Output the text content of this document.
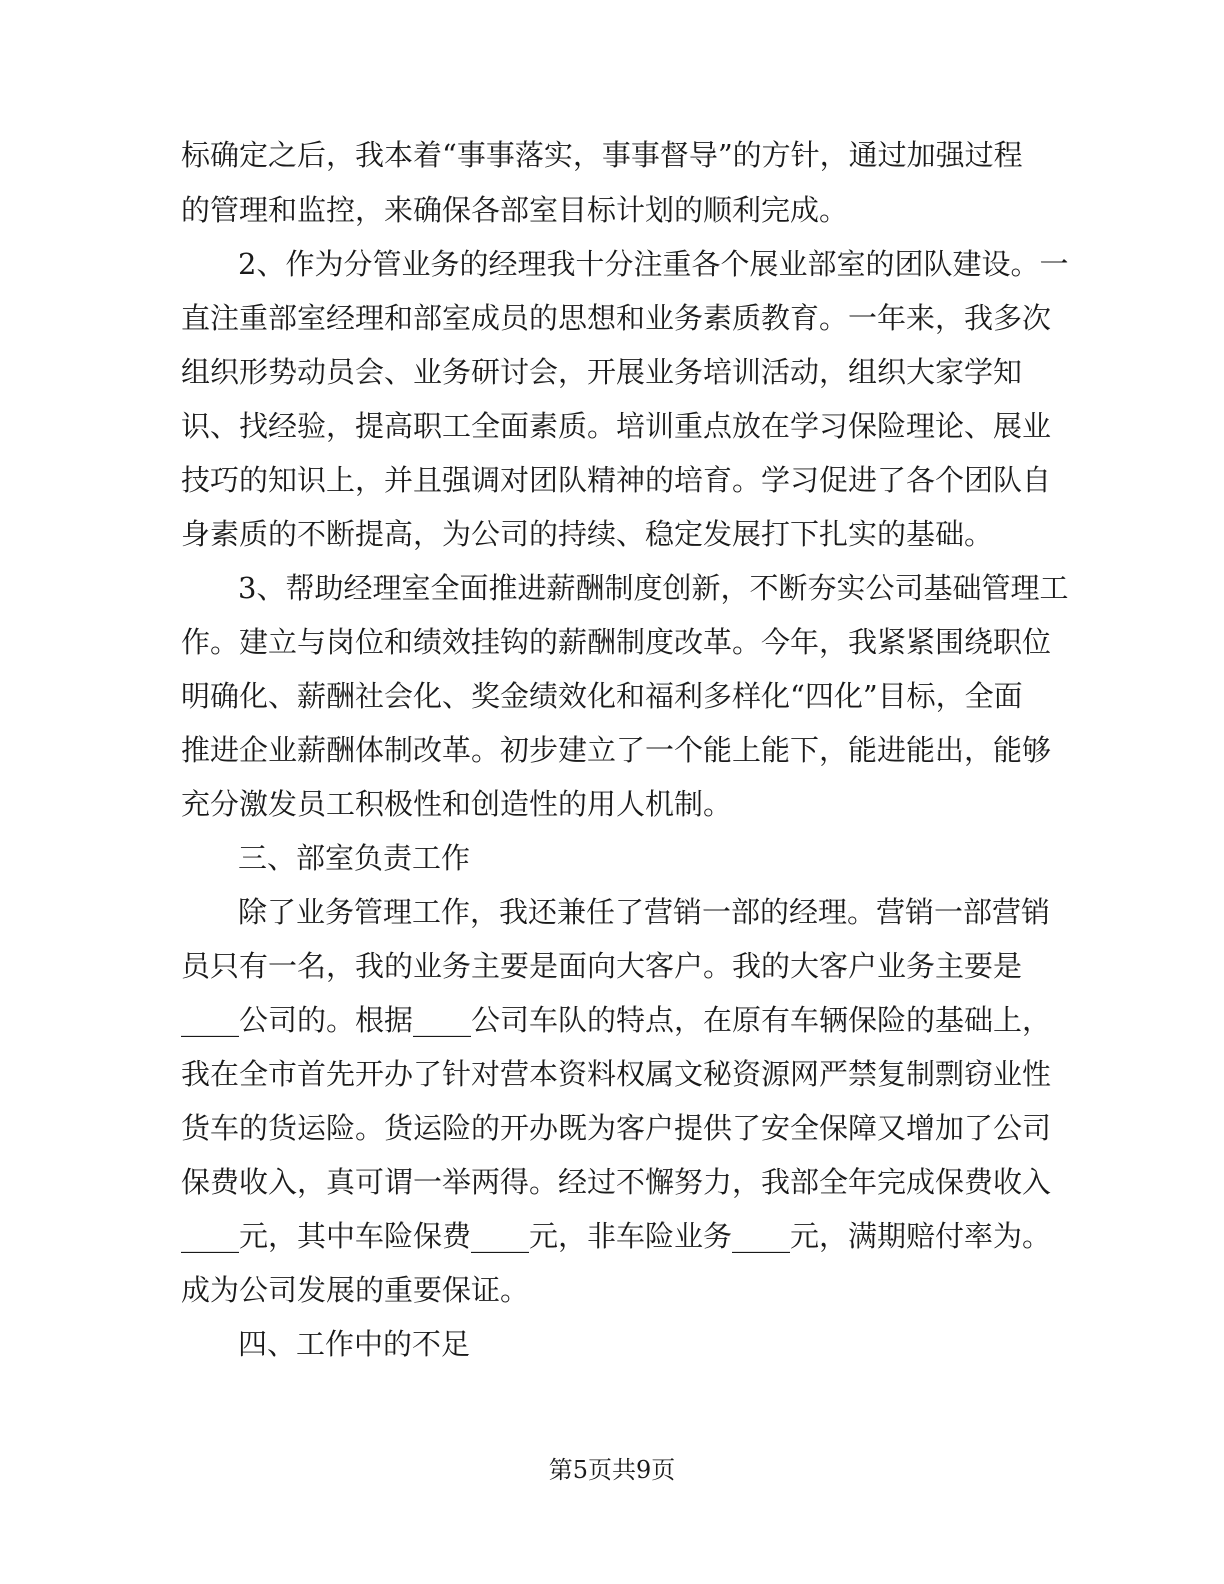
标确定之后，我本着“事事落实，事事督导”的方针，通过加强过程
的管理和监控，来确保各部室目标计划的顺利完成。
2、作为分管业务的经理我十分注重各个展业部室的团队建设。一
直注重部室经理和部室成员的思想和业务素质教育。一年来，我多次
组织形势动员会、业务研讨会，开展业务培训活动，组织大家学知
识、找经验，提高职工全面素质。培训重点放在学习保险理论、展业
技巧的知识上，并且强调对团队精神的培育。学习促进了各个团队自
身素质的不断提高，为公司的持续、稳定发展打下扎实的基础。
3、帮助经理室全面推进薪酬制度创新，不断夯实公司基础管理工
作。建立与岗位和绩效挂钩的薪酬制度改革。今年，我紧紧围绕职位
明确化、薪酬社会化、奖金绩效化和福利多样化“四化”目标，全面
推进企业薪酬体制改革。初步建立了一个能上能下，能进能出，能够
充分激发员工积极性和创造性的用人机制。
三、部室负责工作
除了业务管理工作，我还兼任了营销一部的经理。营销一部营销
员只有一名，我的业务主要是面向大客户。我的大客户业务主要是
____公司的。根据____公司车队的特点，在原有车辆保险的基础上，
我在全市首先开办了针对营本资料权属文秘资源网严禁复制剽窃业性
货车的货运险。货运险的开办既为客户提供了安全保障又增加了公司
保费收入，真可谓一举两得。经过不懈努力，我部全年完成保费收入
____元，其中车险保费____元，非车险业务____元，满期赔付率为。
成为公司发展的重要保证。
四、工作中的不足
第5页共9页
